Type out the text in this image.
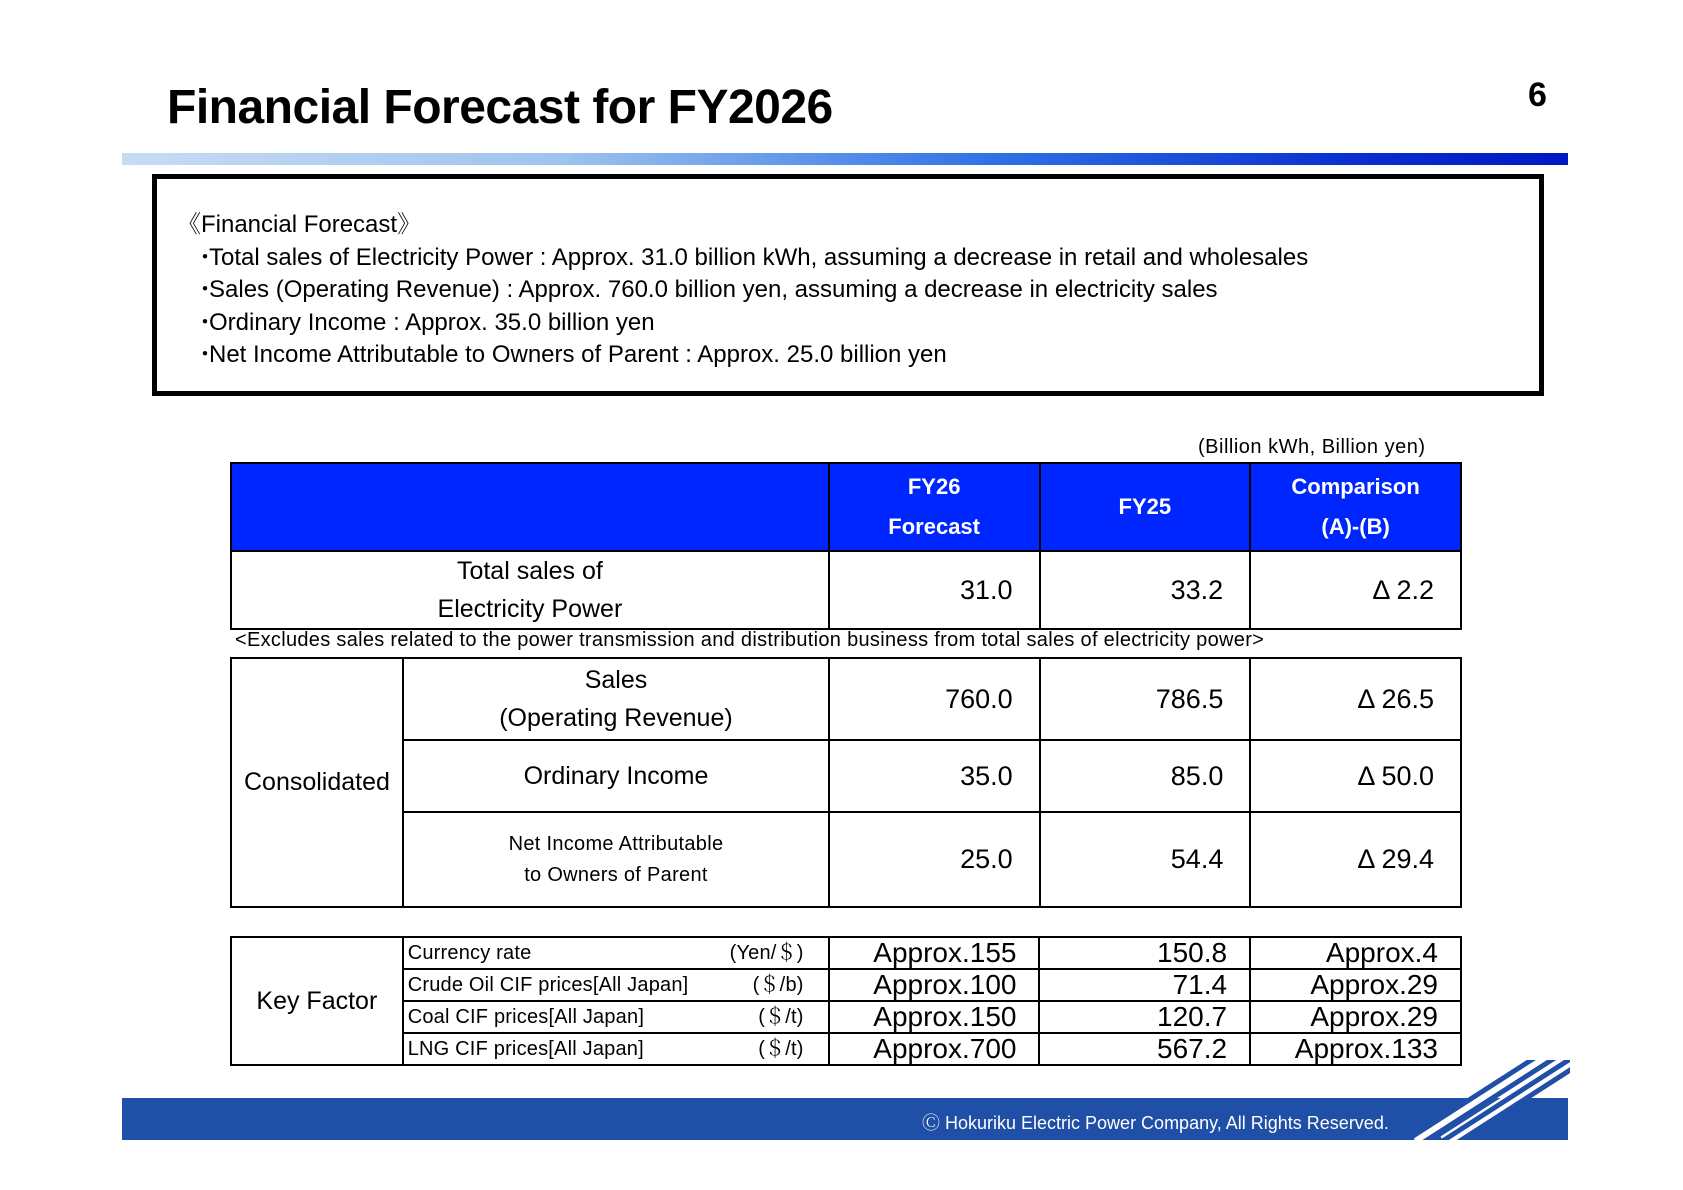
Financial Forecast for FY2026	6
《Financial Forecast》
･Total sales of Electricity Power : Approx. 31.0 billion kWh, assuming a decrease in retail and wholesales
･Sales (Operating Revenue) : Approx. 760.0 billion yen, assuming a decrease in electricity sales
･Ordinary Income : Approx. 35.0 billion yen
･Net Income Attributable to Owners of Parent : Approx. 25.0 billion yen
(Billion kWh, Billion yen)
	FY26
Forecast	FY25	Comparison
(A)-(B)
Total sales of
Electricity Power	31.0	33.2	Δ 2.2
<Excludes sales related to the power transmission and distribution business from total sales of electricity power>
Consolidated	Sales
(Operating Revenue)	760.0	786.5	Δ 26.5
	Ordinary Income	35.0	85.0	Δ 50.0
	Net Income Attributable
to Owners of Parent	25.0	54.4	Δ 29.4
Key Factor	Currency rate (Yen/＄)	Approx.155	150.8	Approx.4
	Crude Oil CIF prices[All Japan] (＄/b)	Approx.100	71.4	Approx.29
	Coal CIF prices[All Japan] (＄/t)	Approx.150	120.7	Approx.29
	LNG CIF prices[All Japan] (＄/t)	Approx.700	567.2	Approx.133
Ⓒ Hokuriku Electric Power Company, All Rights Reserved.
